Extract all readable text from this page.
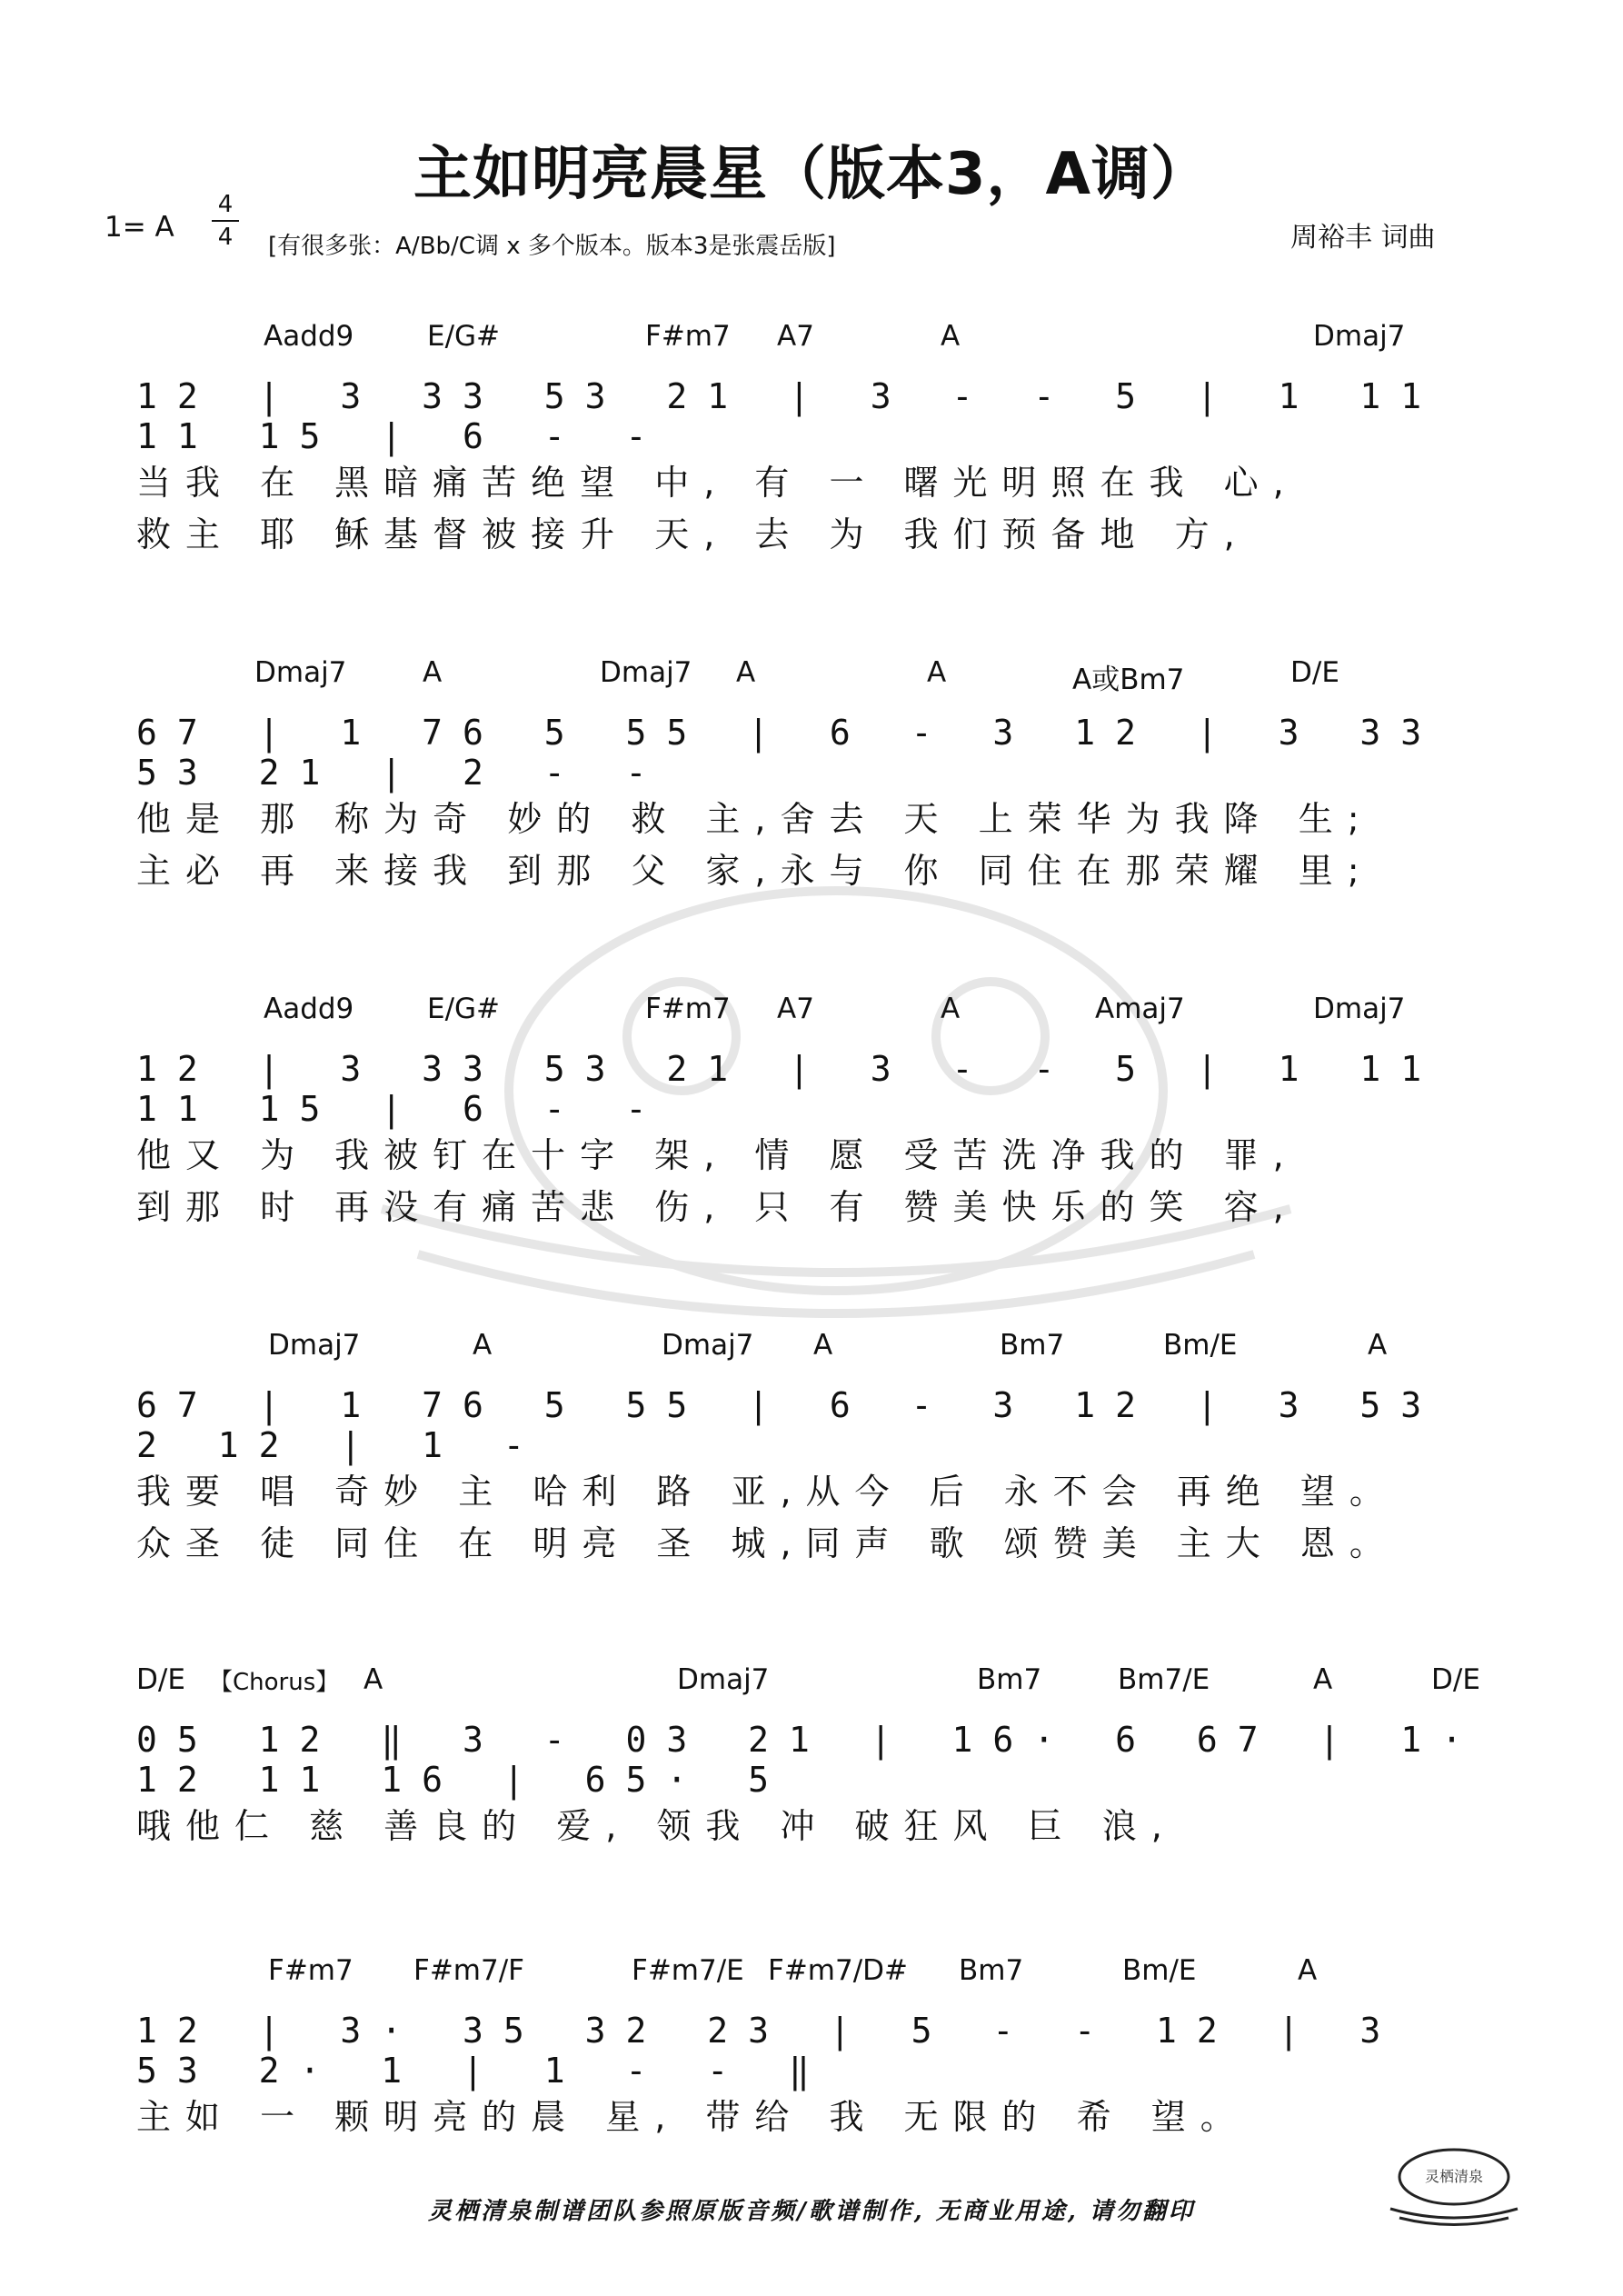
主如明亮晨星（版本3，A调）
1= A
4
4	[有很多张：A/Bb/C调 x 多个版本。版本3是张震岳版]	周裕丰 词曲
Aadd9	E/G#	F#m7 A7	A	Dmaj7
12 | 3 33 53 21 | 3 - - 5 | 1 11 11 15 | 6 - -
当我 在 黑暗痛苦绝望 中, 有 一 曙光明照在我 心,
救主 耶 稣基督被接升 天, 去 为 我们预备地 方,
Dmaj7	A	Dmaj7 A	A	A或Bm7	D/E
67 | 1 76 5 55 | 6 - 3 12 | 3 33 53 21 | 2 - -
他是 那 称为奇 妙的 救 主,舍去 天 上荣华为我降 生;
主必 再 来接我 到那 父 家,永与 你 同住在那荣耀 里;
Aadd9	E/G#	F#m7 A7	A	Amaj7	Dmaj7
12 | 3 33 53 21 | 3 - - 5 | 1 11 11 15 | 6 - -
他又 为 我被钉在十字 架, 情 愿 受苦洗净我的 罪,
到那 时 再没有痛苦悲 伤, 只 有 赞美快乐的笑 容,
Dmaj7	A	Dmaj7 A	Bm7	Bm/E	A
67 | 1 76 5 55 | 6 - 3 12 | 3 53 2 12 | 1 -
我要 唱 奇妙 主 哈利 路 亚,从今 后 永不会 再绝 望。
众圣 徒 同住 在 明亮 圣 城,同声 歌 颂赞美 主大 恩。
D/E 【Chorus】 A	Dmaj7	Bm7	Bm7/E	A	D/E
05 12 ‖ 3 - 03 21 | 16· 6 67 | 1· 12 11 16 | 65· 5
哦他仁 慈 善良的 爱, 领我 冲 破狂风 巨 浪,
F#m7 F#m7/F	F#m7/E F#m7/D# Bm7	Bm/E	A
12 | 3· 35 32 23 | 5 - - 12 | 3 53 2· 1 | 1 - - ‖
主如 一 颗明亮的晨 星, 带给 我 无限的 希 望。
灵栖清泉制谱团队参照原版音频/歌谱制作, 无商业用途, 请勿翻印
灵栖清泉
